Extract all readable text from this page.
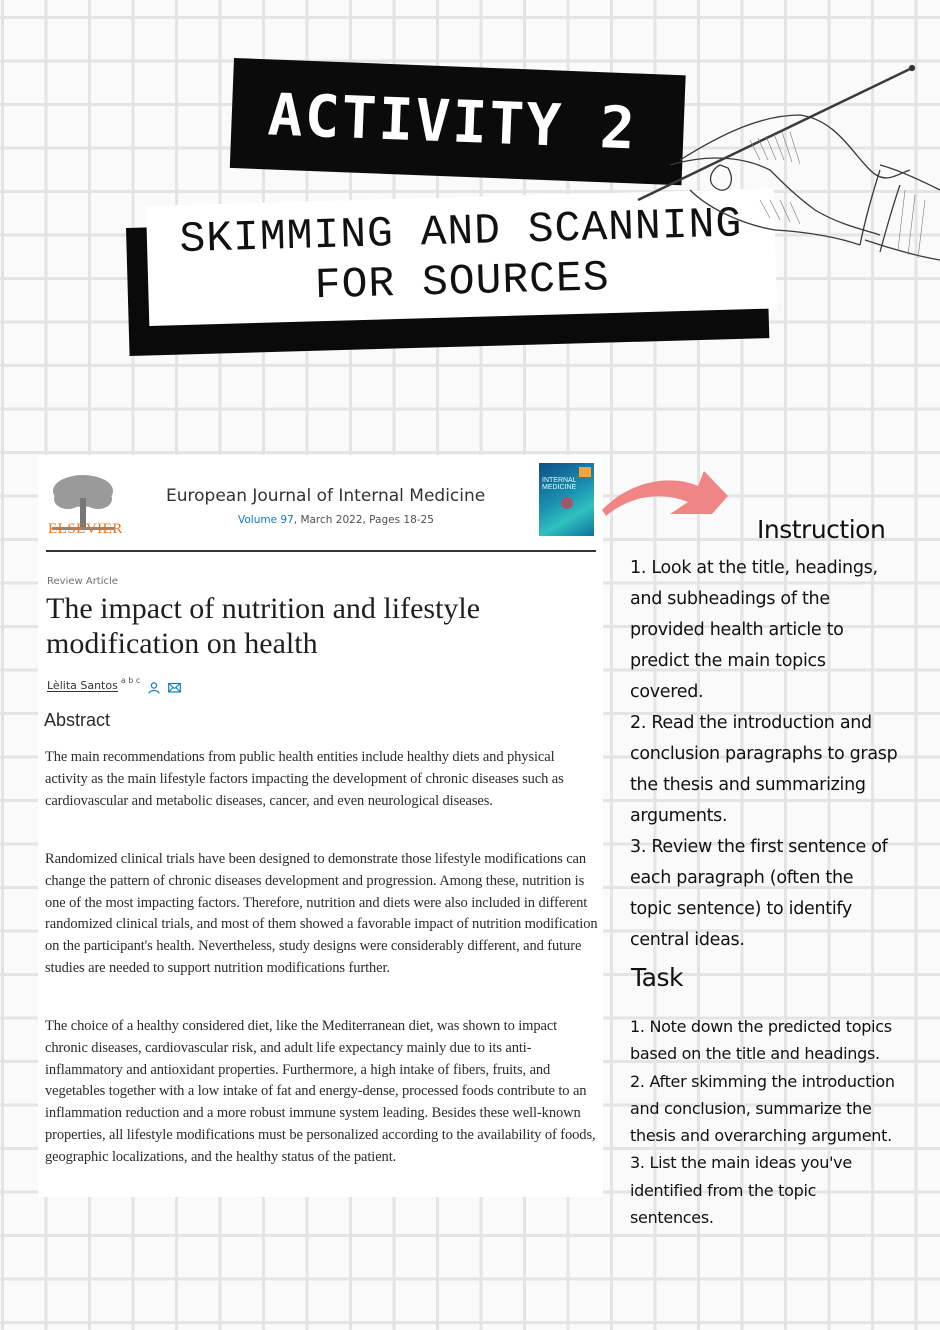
ACTIVITY 2
SKIMMING AND SCANNING
FOR SOURCES
ELSEVIER
European Journal of Internal Medicine
Volume 97, March 2022, Pages 18-25
INTERNAL MEDICINE
Review Article
The impact of nutrition and lifestyle modification on health
Lèlita Santos a b c
Abstract

The main recommendations from public health entities include healthy diets and physical activity as the main lifestyle factors impacting the development of chronic diseases such as cardiovascular and metabolic diseases, cancer, and even neurological diseases.

Randomized clinical trials have been designed to demonstrate those lifestyle modifications can change the pattern of chronic diseases development and progression. Among these, nutrition is one of the most impacting factors. Therefore, nutrition and diets were also included in different randomized clinical trials, and most of them showed a favorable impact of nutrition modification on the participant's health. Nevertheless, study designs were considerably different, and future studies are needed to support nutrition modifications further.

The choice of a healthy considered diet, like the Mediterranean diet, was shown to impact chronic diseases, cardiovascular risk, and adult life expectancy mainly due to its anti-inflammatory and antioxidant properties. Furthermore, a high intake of fibers, fruits, and vegetables together with a low intake of fat and energy-dense, processed foods contribute to an inflammation reduction and a more robust immune system leading. Besides these well-known properties, all lifestyle modifications must be personalized according to the availability of foods, geographic localizations, and the healthy status of the patient.

Instruction
1. Look at the title, headings,
and subheadings of the
provided health article to
predict the main topics
covered.
2. Read the introduction and
conclusion paragraphs to grasp
the thesis and summarizing
arguments.
3. Review the first sentence of
each paragraph (often the
topic sentence) to identify
central ideas.
Task
1. Note down the predicted topics
based on the title and headings.
2. After skimming the introduction
and conclusion, summarize the
thesis and overarching argument.
3. List the main ideas you've
identified from the topic
sentences.
